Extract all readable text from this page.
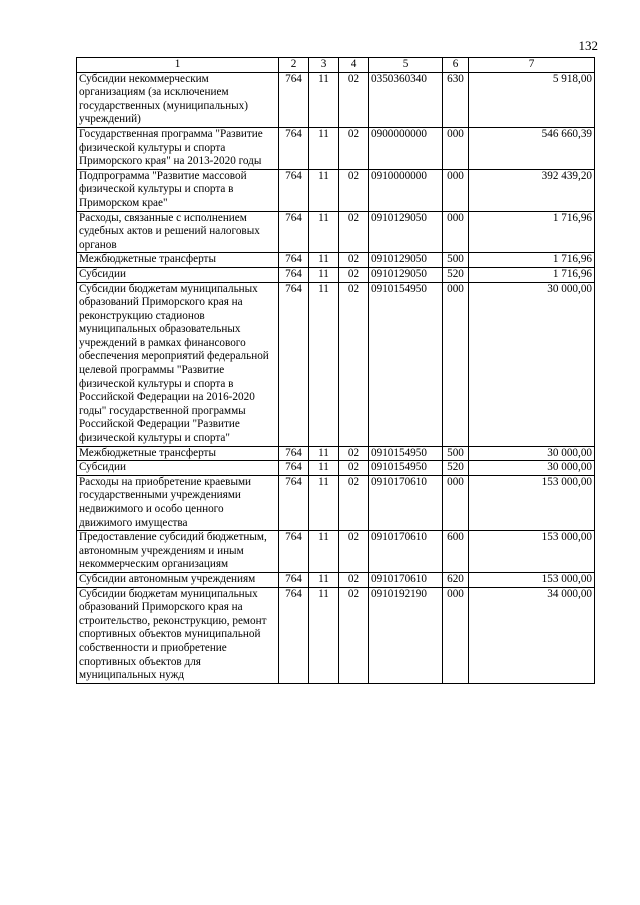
132
1	2	3	4	5	6	7
Субсидии некоммерческим организациям (за исключением государственных (муниципальных) учреждений)	764	11	02	0350360340	630	5 918,00
Государственная программа "Развитие физической культуры и спорта Приморского края" на 2013-2020 годы	764	11	02	0900000000	000	546 660,39
Подпрограмма "Развитие массовой физической культуры и спорта в Приморском крае"	764	11	02	0910000000	000	392 439,20
Расходы, связанные с исполнением судебных актов и решений налоговых органов	764	11	02	0910129050	000	1 716,96
Межбюджетные трансферты	764	11	02	0910129050	500	1 716,96
Субсидии	764	11	02	0910129050	520	1 716,96
Субсидии бюджетам муниципальных образований Приморского края на реконструкцию стадионов муниципальных образовательных учреждений в рамках финансового обеспечения мероприятий федеральной целевой программы "Развитие физической культуры и спорта в Российской Федерации на 2016-2020 годы" государственной программы Российской Федерации "Развитие физической культуры и спорта"	764	11	02	0910154950	000	30 000,00
Межбюджетные трансферты	764	11	02	0910154950	500	30 000,00
Субсидии	764	11	02	0910154950	520	30 000,00
Расходы на приобретение краевыми государственными учреждениями недвижимого и особо ценного движимого имущества	764	11	02	0910170610	000	153 000,00
Предоставление субсидий бюджетным, автономным учреждениям и иным некоммерческим организациям	764	11	02	0910170610	600	153 000,00
Субсидии автономным учреждениям	764	11	02	0910170610	620	153 000,00
Субсидии бюджетам муниципальных образований Приморского края на строительство, реконструкцию, ремонт спортивных объектов муниципальной собственности и приобретение спортивных объектов для муниципальных нужд	764	11	02	0910192190	000	34 000,00
